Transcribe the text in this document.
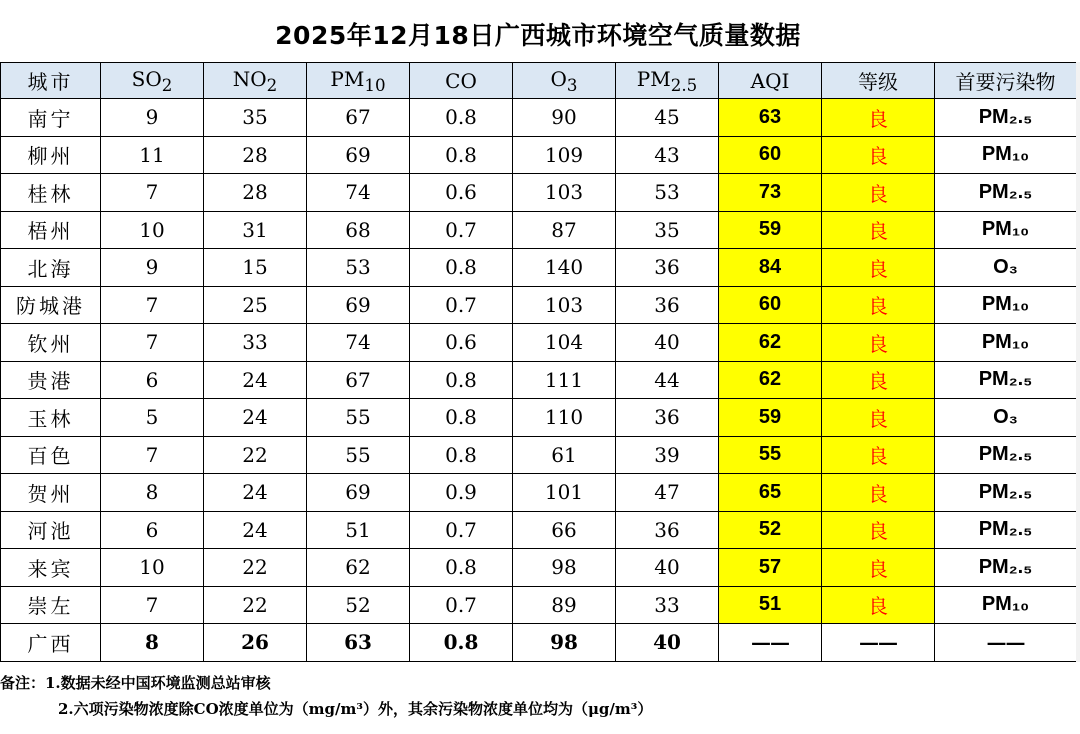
2025年12月18日广西城市环境空气质量数据
城市	$SO_2$	$NO_2$	$PM_{10}$	CO	$O_3$	$PM_{2.5}$	AQI	等级	首要污染物
南宁	9	35	67	0.8	90	45	63	良	PM₂.₅
柳州	11	28	69	0.8	109	43	60	良	PM₁₀
桂林	7	28	74	0.6	103	53	73	良	PM₂.₅
梧州	10	31	68	0.7	87	35	59	良	PM₁₀
北海	9	15	53	0.8	140	36	84	良	O₃
防城港	7	25	69	0.7	103	36	60	良	PM₁₀
钦州	7	33	74	0.6	104	40	62	良	PM₁₀
贵港	6	24	67	0.8	111	44	62	良	PM₂.₅
玉林	5	24	55	0.8	110	36	59	良	O₃
百色	7	22	55	0.8	61	39	55	良	PM₂.₅
贺州	8	24	69	0.9	101	47	65	良	PM₂.₅
河池	6	24	51	0.7	66	36	52	良	PM₂.₅
来宾	10	22	62	0.8	98	40	57	良	PM₂.₅
崇左	7	22	52	0.7	89	33	51	良	PM₁₀
广西	8	26	63	0.8	98	40	——	——	——
备注：1.数据未经中国环境监测总站审核
2.六项污染物浓度除CO浓度单位为（mg/m³）外，其余污染物浓度单位均为（μg/m³）
